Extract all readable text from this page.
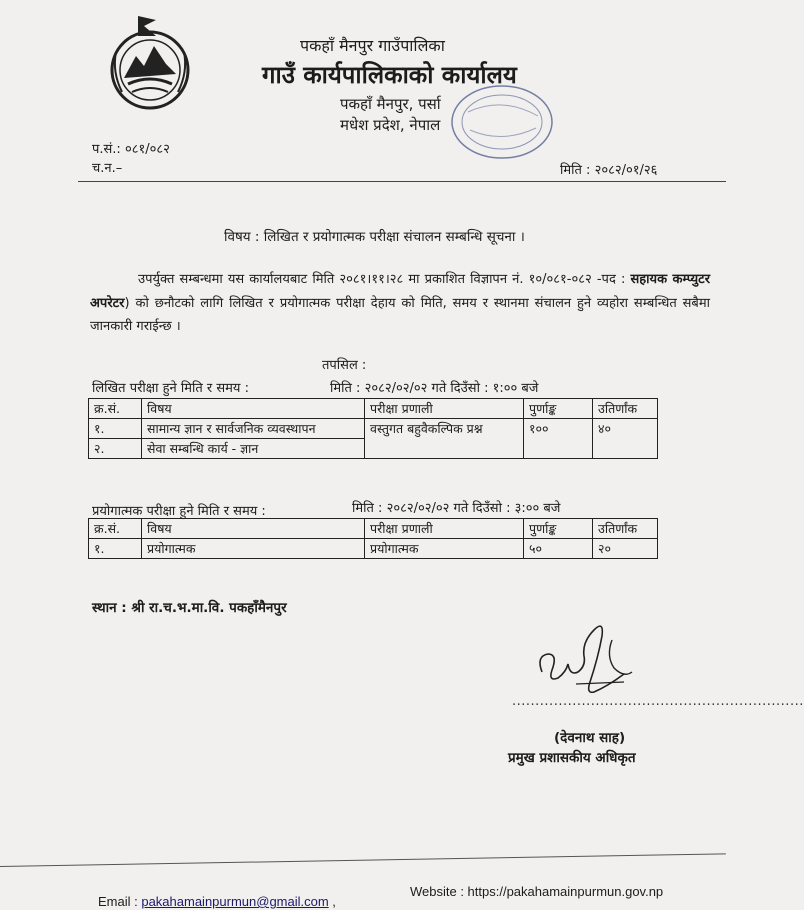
पकहाँ मैनपुर गाउँपालिका
गाउँ कार्यपालिकाको कार्यालय
पकहाँ मैनपुर, पर्सा
मधेश प्रदेश, नेपाल
प.सं.: ०८१/०८२
च.न.–	मिति : २०८२/०१/२६
विषय : लिखित र प्रयोगात्मक परीक्षा संचालन सम्बन्धि सूचना ।
उपर्युक्त सम्बन्धमा यस कार्यालयबाट मिति २०८१।११।२८ मा प्रकाशित विज्ञापन नं. १०/०८१-०८२ -पद : सहायक कम्प्युटर अपरेटर) को छनौटको लागि लिखित र प्रयोगात्मक परीक्षा देहाय को मिति, समय र स्थानमा संचालन हुने व्यहोरा सम्बन्धित सबैमा जानकारी गराईन्छ ।
तपसिल :
लिखित परीक्षा हुने मिति र समय :	मिति : २०८२/०२/०२ गते दिउँसो : १:०० बजे
क्र.सं.	विषय	परीक्षा प्रणाली	पुर्णाङ्क	उतिर्णांक
१.	सामान्य ज्ञान र सार्वजनिक व्यवस्थापन	वस्तुगत बहुवैकल्पिक प्रश्न	१००	४०
२.	सेवा सम्बन्धि कार्य - ज्ञान			
प्रयोगात्मक परीक्षा हुने मिति र समय :	मिति : २०८२/०२/०२ गते दिउँसो : ३:०० बजे
क्र.सं.	विषय	परीक्षा प्रणाली	पुर्णाङ्क	उतिर्णांक
१.	प्रयोगात्मक	प्रयोगात्मक	५०	२०
स्थान : श्री रा.च.भ.मा.वि. पकहाँमैनपुर
...............................................................
(देवनाथ साह)
प्रमुख प्रशासकीय अधिकृत
Email : pakahamainpurmun@gmail.com ,
Website : https://pakahamainpurmun.gov.np
